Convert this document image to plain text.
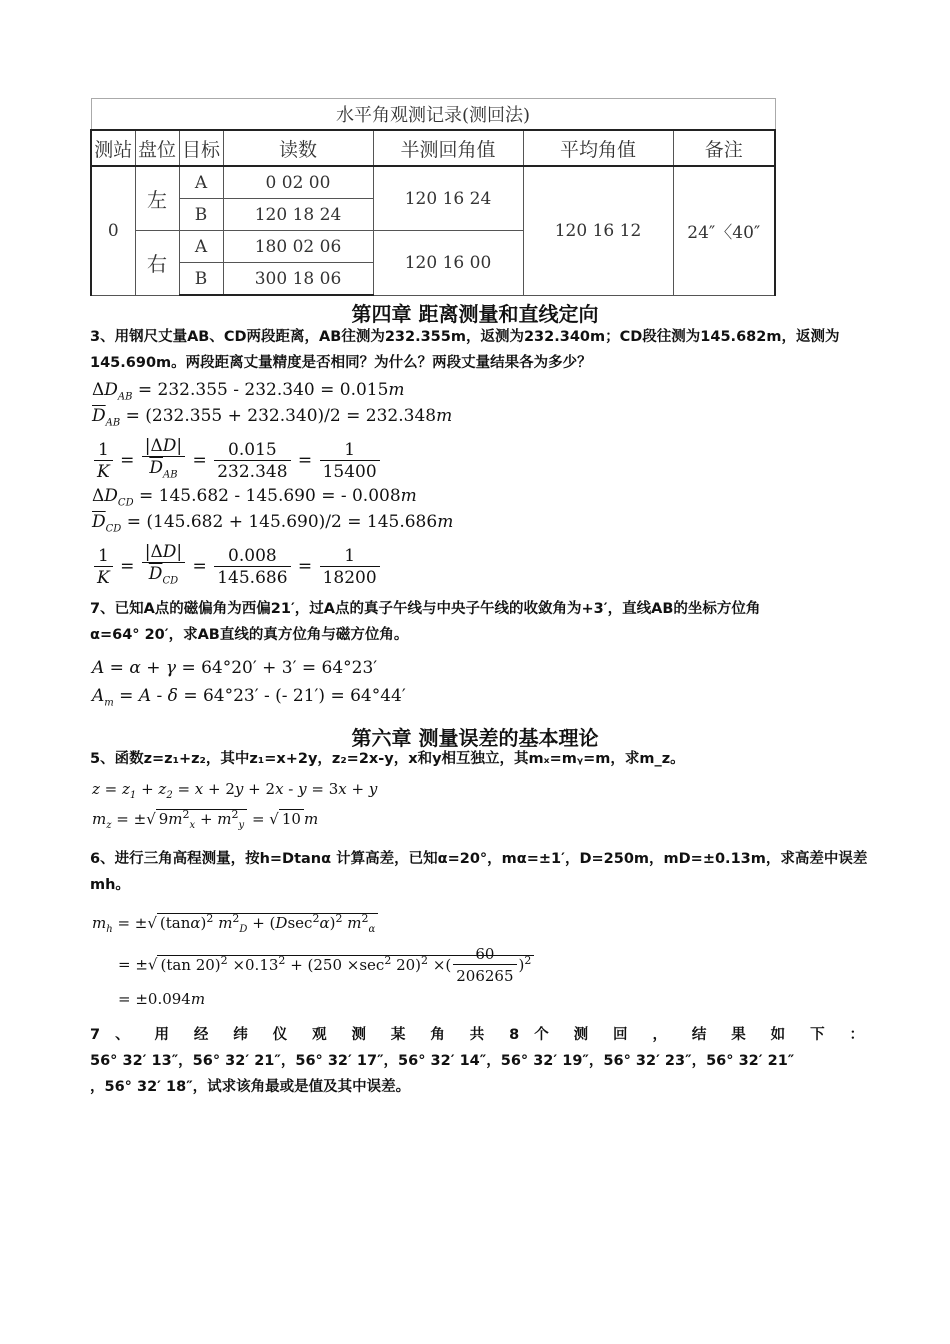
水平角观测记录(测回法)						
测站	盘位	目标	读数	半测回角值	平均角值	备注
0	左	A	0 02 00	120 16 24	120 16 12	24″〈40″
		B	120 18 24			
	右	A	180 02 06	120 16 00		
		B	300 18 06			
第四章 距离测量和直线定向
3、用钢尺丈量AB、CD两段距离，AB往测为232.355m，返测为232.340m；CD段往测为145.682m，返测为
145.690m。两段距离丈量精度是否相同？为什么？两段丈量结果各为多少？
$\Delta D_{AB} = 232.355 - 232.340 = 0.015m$
$\overline{D}_{AB} = (232.355 + 232.340)/2 = 232.348m$
$\frac{1}{K} = \frac{|\Delta D|}{\overline{D}_{AB}} = \frac{0.015}{232.348} = \frac{1}{15400}$
$\Delta D_{CD} = 145.682 - 145.690$ = - 0.008m
$\overline{D}_{CD} = (145.682 + 145.690)/2 = 145.686m$
$\frac{1}{K} = \frac{|\Delta D|}{\overline{D}_{CD}} = \frac{0.008}{145.686} = \frac{1}{18200}$
7、已知A点的磁偏角为西偏21′，过A点的真子午线与中央子午线的收敛角为+3′，直线AB的坐标方位角
α=64° 20′，求AB直线的真方位角与磁方位角。
A = α + γ = 64°20′ + 3′ = 64°23′
$A_m = A - \delta = 64^\circ 23'$ - (- 21′) = 64°44′
第六章 测量误差的基本理论
5、函数z=z₁+z₂，其中z₁=x+2y，z₂=2x-y，x和y相互独立，其mₓ=mᵧ=m，求m_z。
$z = z_1 + z_2 = x + 2y + 2x - y = 3x + y$
$m_z$ = ±√ $9m^2_x + m^2_y$ = √ 10 m
6、进行三角高程测量，按h=Dtanα 计算高差，已知α=20°，mα=±1′，D=250m，mD=±0.13m，求高差中误差
mh。
$m_h$ = ±√ $(\tan\alpha)^2$ $m^2_D + (Dsec^2\alpha)^2$ $m^2_\alpha$
= ±√ (tan $20)^2 \times 0.13^2 + (250 \times\sec^2$ 20)$^2$ ×( $\frac{60}{206265} )^2$
= ±0.094m
7 、 用 经 纬 仪 观 测 某 角 共 8 个 测 回 ， 结 果 如 下 ：
56° 32′ 13″，56° 32′ 21″，56° 32′ 17″，56° 32′ 14″，56° 32′ 19″，56° 32′ 23″，56° 32′ 21″
，56° 32′ 18″，试求该角最或是值及其中误差。
